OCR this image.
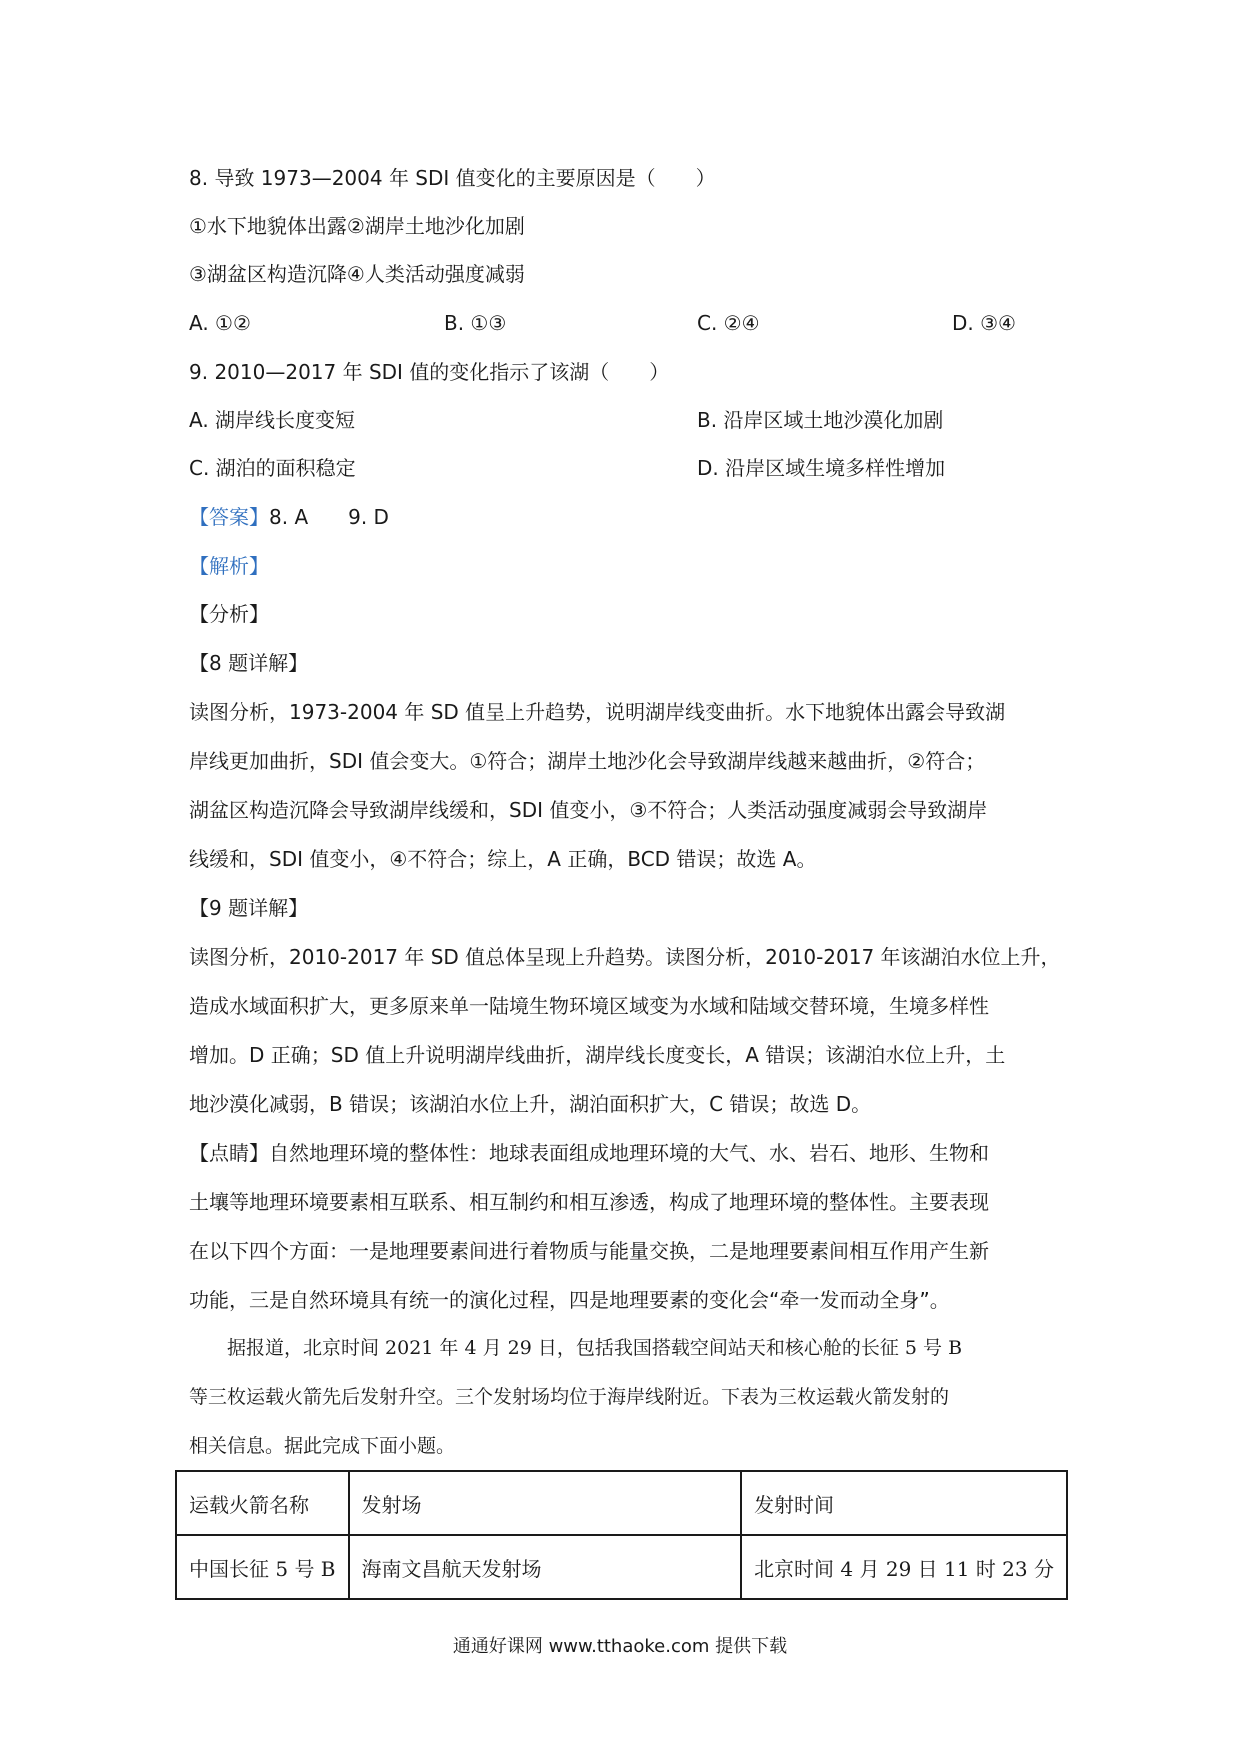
8. 导致 1973—2004 年 SDI 值变化的主要原因是（　　）
①水下地貌体出露②湖岸土地沙化加剧
③湖盆区构造沉降④人类活动强度减弱
A. ①②	B. ①③	C. ②④	D. ③④
9. 2010—2017 年 SDI 值的变化指示了该湖（　　）
A. 湖岸线长度变短	B. 沿岸区域土地沙漠化加剧
C. 湖泊的面积稳定	D. 沿岸区域生境多样性增加
【答案】8. A　　9. D
【解析】
【分析】
【8 题详解】
读图分析，1973-2004 年 SD 值呈上升趋势，说明湖岸线变曲折。水下地貌体出露会导致湖
岸线更加曲折，SDI 值会变大。①符合；湖岸土地沙化会导致湖岸线越来越曲折，②符合；
湖盆区构造沉降会导致湖岸线缓和，SDI 值变小，③不符合；人类活动强度减弱会导致湖岸
线缓和，SDI 值变小，④不符合；综上，A 正确，BCD 错误；故选 A。
【9 题详解】
读图分析，2010-2017 年 SD 值总体呈现上升趋势。读图分析，2010-2017 年该湖泊水位上升，
造成水域面积扩大，更多原来单一陆境生物环境区域变为水域和陆域交替环境，生境多样性
增加。D 正确；SD 值上升说明湖岸线曲折，湖岸线长度变长，A 错误；该湖泊水位上升，土
地沙漠化减弱，B 错误；该湖泊水位上升，湖泊面积扩大，C 错误；故选 D。
【点睛】自然地理环境的整体性：地球表面组成地理环境的大气、水、岩石、地形、生物和
土壤等地理环境要素相互联系、相互制约和相互渗透，构成了地理环境的整体性。主要表现
在以下四个方面：一是地理要素间进行着物质与能量交换，二是地理要素间相互作用产生新
功能，三是自然环境具有统一的演化过程，四是地理要素的变化会“牵一发而动全身”。
　　据报道，北京时间 2021 年 4 月 29 日，包括我国搭载空间站天和核心舱的长征 5 号 B
等三枚运载火箭先后发射升空。三个发射场均位于海岸线附近。下表为三枚运载火箭发射的
相关信息。据此完成下面小题。
运载火箭名称	发射场	发射时间
中国长征 5 号 B	海南文昌航天发射场	北京时间 4 月 29 日 11 时 23 分
通通好课网 www.tthaoke.com 提供下载
